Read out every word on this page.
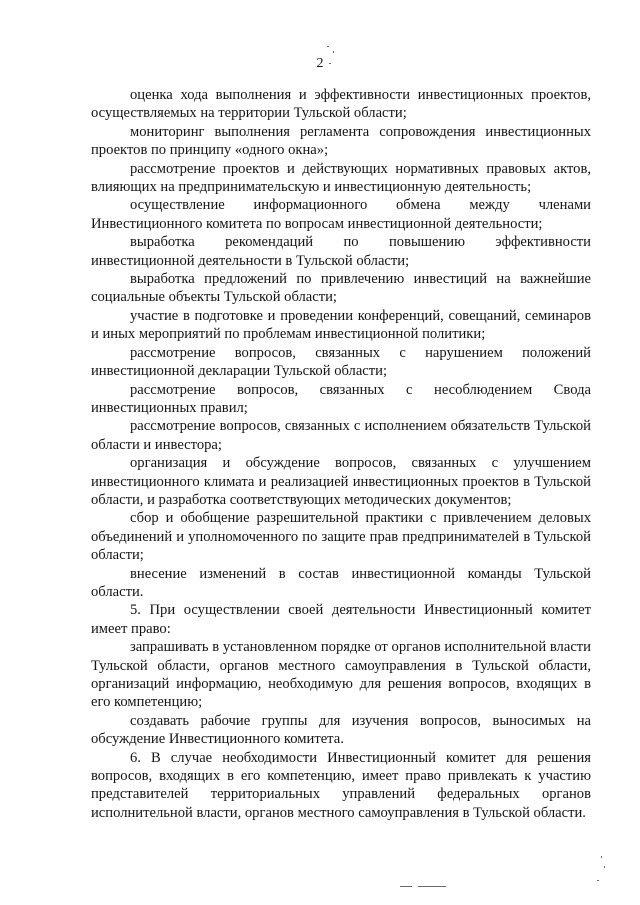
2

оценка хода выполнения и эффективности инвестиционных проектов, осуществляемых на территории Тульской области;

мониторинг выполнения регламента сопровождения инвестиционных проектов по принципу «одного окна»;

рассмотрение проектов и действующих нормативных правовых актов, влияющих на предпринимательскую и инвестиционную деятельность;

осуществление информационного обмена между членами Инвестиционного комитета по вопросам инвестиционной деятельности;

выработка рекомендаций по повышению эффективности инвестиционной деятельности в Тульской области;

выработка предложений по привлечению инвестиций на важнейшие социальные объекты Тульской области;

участие в подготовке и проведении конференций, совещаний, семинаров и иных мероприятий по проблемам инвестиционной политики;

рассмотрение вопросов, связанных с нарушением положений инвестиционной декларации Тульской области;

рассмотрение вопросов, связанных с несоблюдением Свода инвестиционных правил;

рассмотрение вопросов, связанных с исполнением обязательств Тульской области и инвестора;

организация и обсуждение вопросов, связанных с улучшением инвестиционного климата и реализацией инвестиционных проектов в Тульской области, и разработка соответствующих методических документов;

сбор и обобщение разрешительной практики с привлечением деловых объединений и уполномоченного по защите прав предпринимателей в Тульской области;

внесение изменений в состав инвестиционной команды Тульской области.

5. При осуществлении своей деятельности Инвестиционный комитет имеет право:

запрашивать в установленном порядке от органов исполнительной власти Тульской области, органов местного самоуправления в Тульской области, организаций информацию, необходимую для решения вопросов, входящих в его компетенцию;

создавать рабочие группы для изучения вопросов, выносимых на обсуждение Инвестиционного комитета.

6. В случае необходимости Инвестиционный комитет для решения вопросов, входящих в его компетенцию, имеет право привлекать к участию представителей территориальных управлений федеральных органов исполнительной власти, органов местного самоуправления в Тульской области.
